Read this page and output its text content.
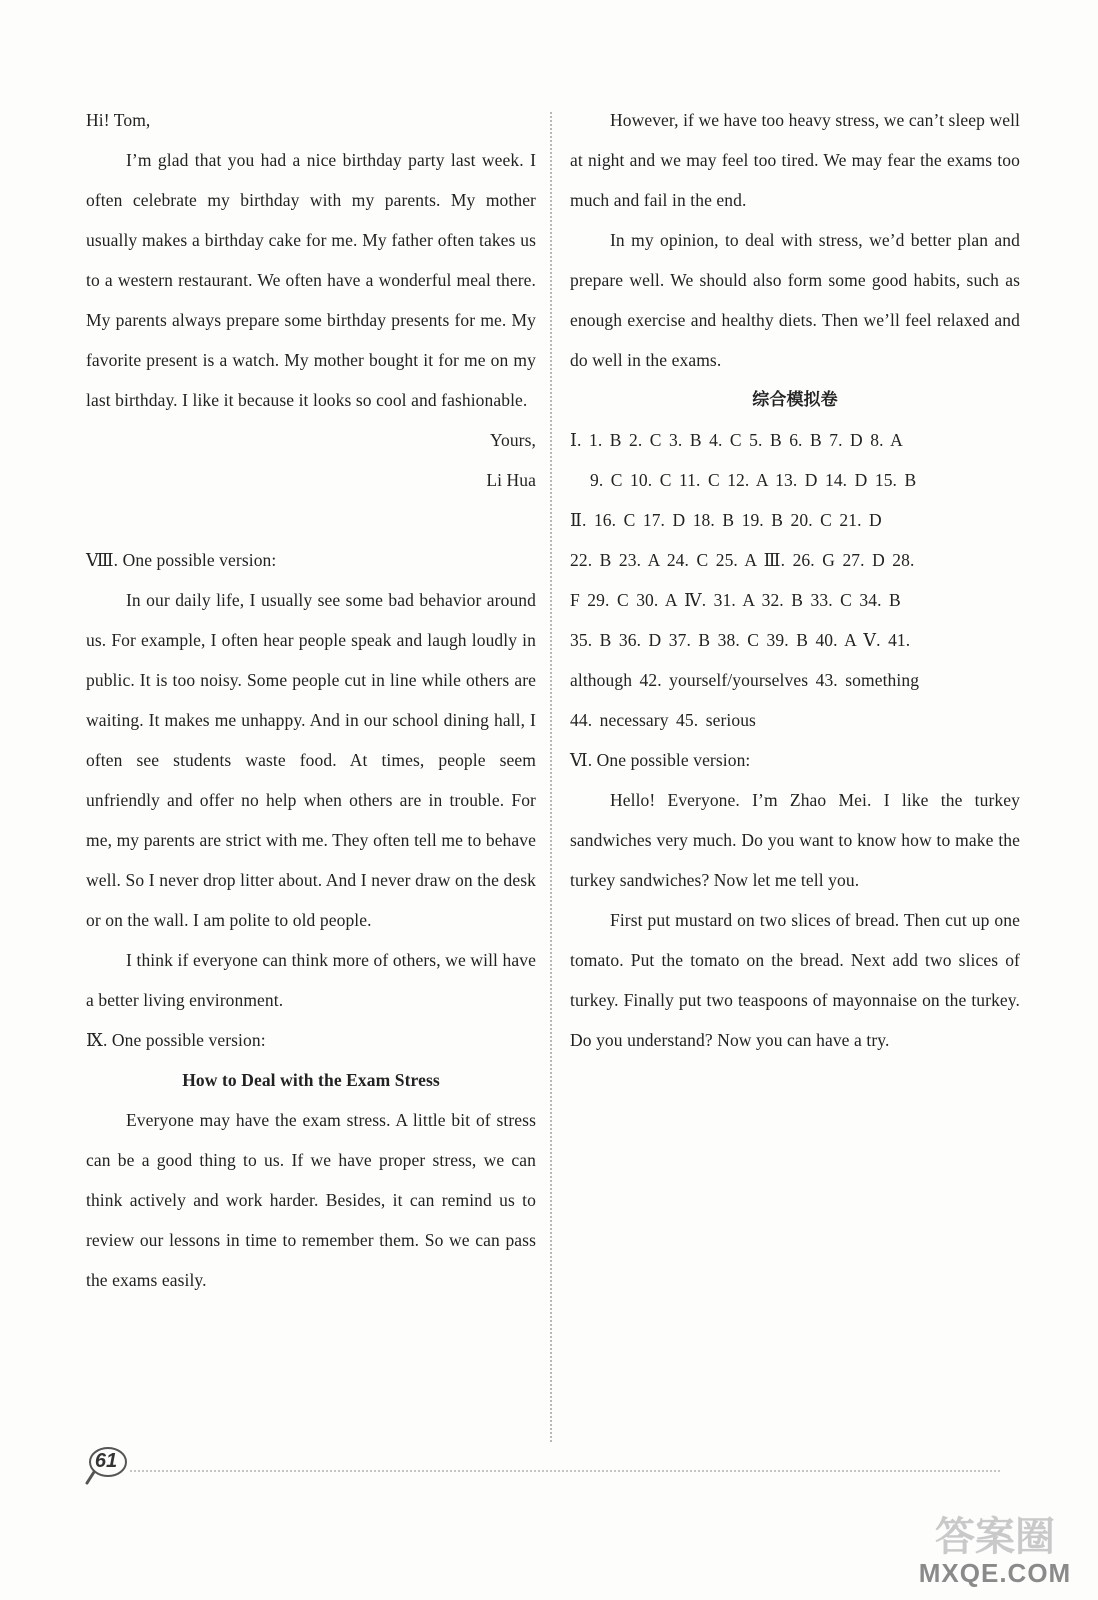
Hi! Tom,

I’m glad that you had a nice birthday party last week. I often celebrate my birthday with my parents. My mother usually makes a birthday cake for me. My father often takes us to a western restaurant. We often have a wonderful meal there. My parents always prepare some birthday presents for me. My favorite present is a watch. My mother bought it for me on my last birthday. I like it because it looks so cool and fashionable.

Yours,

Li Hua

Ⅷ. One possible version:

In our daily life, I usually see some bad behavior around us. For example, I often hear people speak and laugh loudly in public. It is too noisy. Some people cut in line while others are waiting. It makes me unhappy. And in our school dining hall, I often see students waste food. At times, people seem unfriendly and offer no help when others are in trouble. For me, my parents are strict with me. They often tell me to behave well. So I never drop litter about. And I never draw on the desk or on the wall. I am polite to old people.

I think if everyone can think more of others, we will have a better living environment.

Ⅸ. One possible version:

How to Deal with the Exam Stress

Everyone may have the exam stress. A little bit of stress can be a good thing to us. If we have proper stress, we can think actively and work harder. Besides, it can remind us to review our lessons in time to remember them. So we can pass the exams easily.

However, if we have too heavy stress, we can’t sleep well at night and we may feel too tired. We may fear the exams too much and fail in the end.

In my opinion, to deal with stress, we’d better plan and prepare well. We should also form some good habits, such as enough exercise and healthy diets. Then we’ll feel relaxed and do well in the exams.

综合模拟卷

Ⅰ. 1. B 2. C 3. B 4. C 5. B 6. B 7. D 8. A

9. C 10. C 11. C 12. A 13. D 14. D 15. B

Ⅱ. 16. C 17. D 18. B 19. B 20. C 21. D

22. B 23. A 24. C 25. A Ⅲ. 26. G 27. D 28.

F 29. C 30. A Ⅳ. 31. A 32. B 33. C 34. B

35. B 36. D 37. B 38. C 39. B 40. A Ⅴ. 41.

although 42. yourself/yourselves 43. something

44. necessary 45. serious

Ⅵ. One possible version:

Hello! Everyone. I’m Zhao Mei. I like the turkey sandwiches very much. Do you want to know how to make the turkey sandwiches? Now let me tell you.

First put mustard on two slices of bread. Then cut up one tomato. Put the tomato on the bread. Next add two slices of turkey. Finally put two teaspoons of mayonnaise on the turkey. Do you understand? Now you can have a try.

61
答案圈
MXQE.COM
